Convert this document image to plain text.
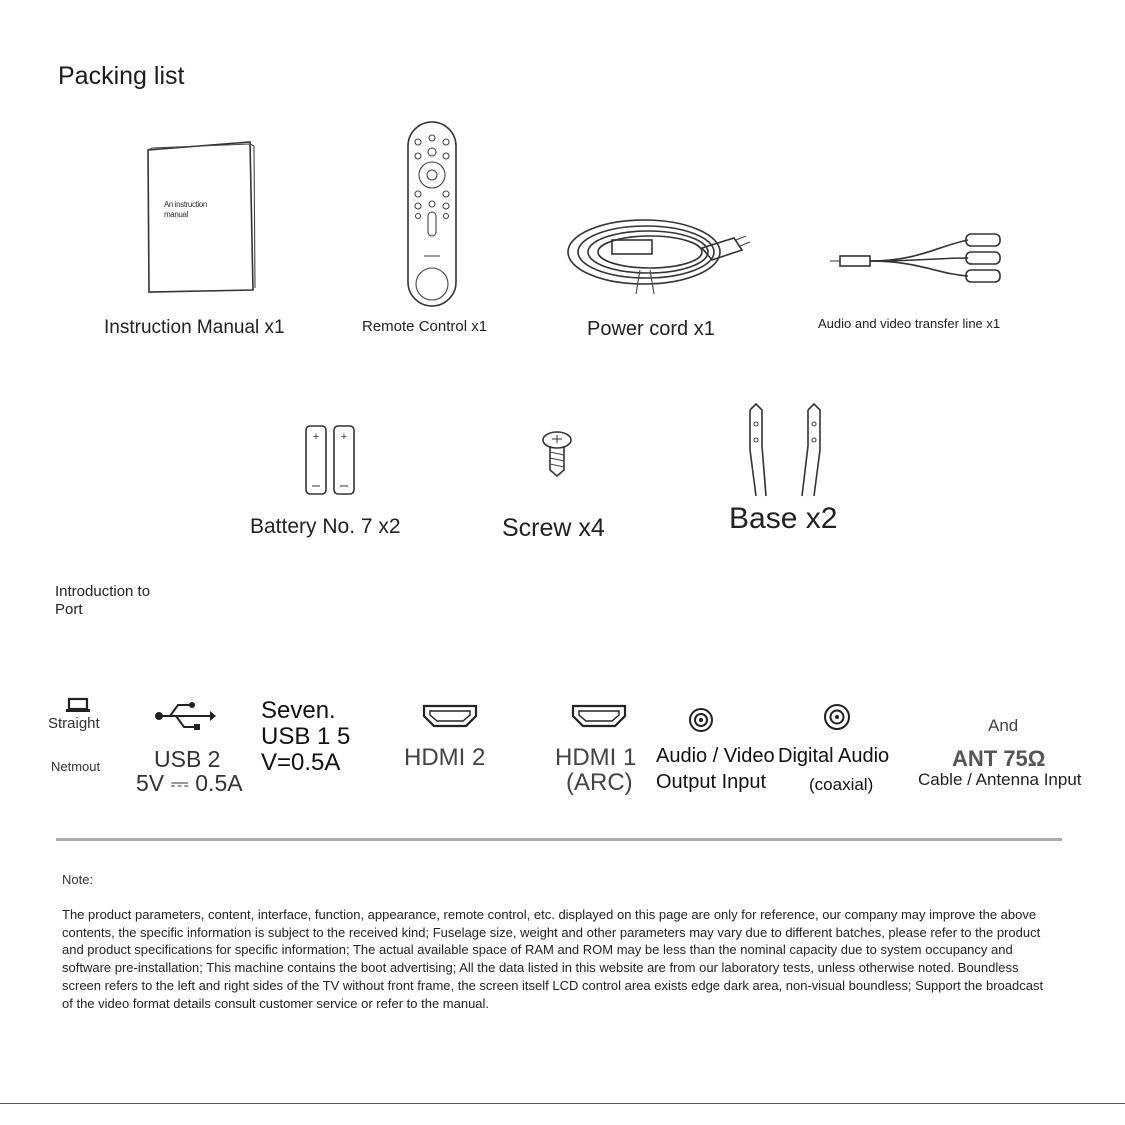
Packing list
An instruction manual
Instruction Manual x1	Remote Control x1	Power cord x1	Audio and video transfer line x1
+ +
Battery No. 7 x2	Screw x4	Base x2
Introduction to
Port
Straight
Netmout USB 2
5V ⎓ 0.5A
Seven.
USB 1 5
V=0.5A	HDMI 2	HDMI 1
(ARC)
Audio / Video
Output Input
Digital Audio
(coaxial)
And
ANT 75Ω
Cable / Antenna Input
Note:
The product parameters, content, interface, function, appearance, remote control, etc. displayed on this page are only for reference, our company may improve the above contents, the specific information is subject to the received kind; Fuselage size, weight and other parameters may vary due to different batches, please refer to the product and product specifications for specific information; The actual available space of RAM and ROM may be less than the nominal capacity due to system occupancy and software pre-installation; This machine contains the boot advertising; All the data listed in this website are from our laboratory tests, unless otherwise noted. Boundless screen refers to the left and right sides of the TV without front frame, the screen itself LCD control area exists edge dark area, non-visual boundless; Support the broadcast of the video format details consult customer service or refer to the manual.
